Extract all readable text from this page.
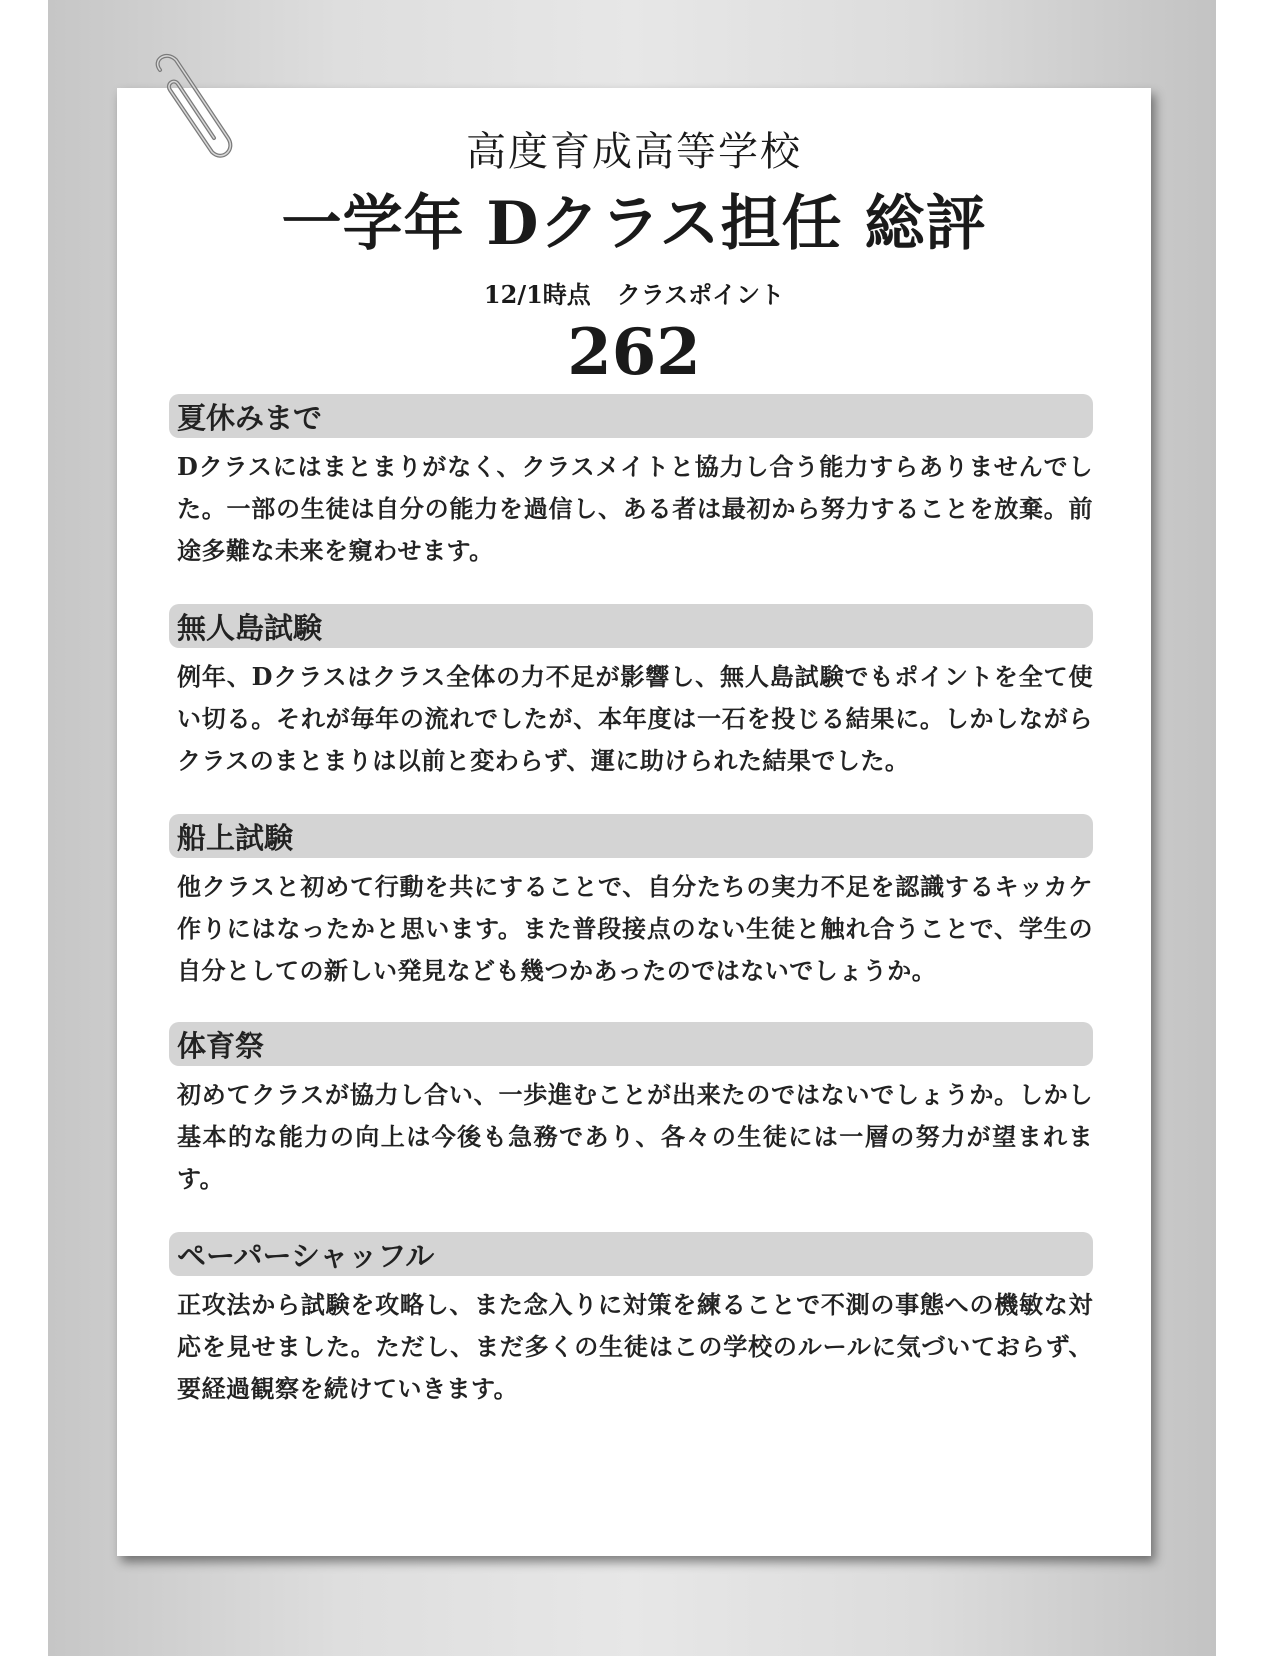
高度育成高等学校
一学年 Dクラス担任 総評
12/1時点 クラスポイント
262
夏休みまで
Dクラスにはまとまりがなく、クラスメイトと協力し合う能力すらありませんでした。一部の生徒は自分の能力を過信し、ある者は最初から努力することを放棄。前途多難な未来を窺わせます。
無人島試験
例年、Dクラスはクラス全体の力不足が影響し、無人島試験でもポイントを全て使い切る。それが毎年の流れでしたが、本年度は一石を投じる結果に。しかしながらクラスのまとまりは以前と変わらず、運に助けられた結果でした。
船上試験
他クラスと初めて行動を共にすることで、自分たちの実力不足を認識するキッカケ作りにはなったかと思います。また普段接点のない生徒と触れ合うことで、学生の自分としての新しい発見なども幾つかあったのではないでしょうか。
体育祭
初めてクラスが協力し合い、一歩進むことが出来たのではないでしょうか。しかし基本的な能力の向上は今後も急務であり、各々の生徒には一層の努力が望まれます。
ペーパーシャッフル
正攻法から試験を攻略し、また念入りに対策を練ることで不測の事態への機敏な対応を見せました。ただし、まだ多くの生徒はこの学校のルールに気づいておらず、要経過観察を続けていきます。
